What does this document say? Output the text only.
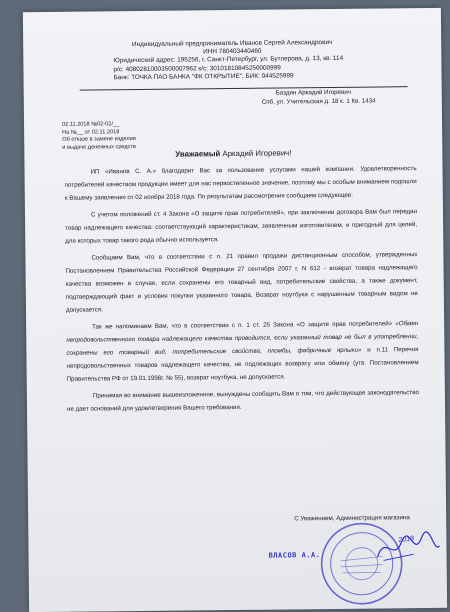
Индивидуальный предприниматель Иванов Сергей Александрович
ИНН 780403440460
Юридический адрес: 195256, г. Санкт-Петербург, ул. Бутлерова, д. 13, кв. 114
р/с: 40802810003500007962 к/с: 30101810845250000999
Банк: ТОЧКА ПАО БАНКА "ФК ОТКРЫТИЕ", БИК: 044525999
Баздин Аркадий Игоревич
Спб, ул. Учительская д. 18 к. 1 Кв. 1434
02.11.2018 №02-02/__
На №__ от 02.11.2018
Об отказе в замене изделия
и выдаче денежных средств
Уважаемый Аркадий Игоревич!

ИП «Иванов С. А.» благодарит Вас за пользование услугами нашей компании. Удовлетворенность потребителей качеством продукции имеет для нас первостепенное значение, поэтому мы с особым вниманием подошли к Вашему заявлению от 02 ноября 2018 года. По результатам рассмотрения сообщаем следующее:

С учетом положений ст. 4 Закона «О защите прав потребителей», при заключении договора Вам был передан товар надлежащего качества: соответствующий характеристикам, заявленным изготовителем, и пригодный для целей, для которых товар такого рода обычно используется.

Сообщаем Вам, что в соответствии с п. 21 правил продажи дистанционным способом, утвержденных Постановлением Правительства Российской Федерации 27 сентября 2007 г. N 612 - возврат товара надлежащего качества возможен в случае, если сохранены его товарный вид, потребительские свойства, а также документ, подтверждающий факт и условия покупки указанного товара. Возврат ноутбука с нарушенным товарным видом не допускается.

Так же напоминаем Вам, что в соответствии с п. 1 ст. 25 Закона «О защите прав потребителей» «Обмен непродовольственного товара надлежащего качества проводится, если указанный товар не был в употреблении, сохранены его товарный вид, потребительские свойства, пломбы, фабричные ярлыки» и п.11 Перечня непродовольственных товаров надлежащего качества, не подлежащих возврату или обмену (утв. Постановлением Правительства РФ от 19.01.1998г. № 55), возврат ноутбука, не допускается.

Принимая во внимание вышеизложенное, вынуждены сообщить Вам о том, что действующее законодательство не дает оснований для удовлетворения Вашего требования.

С Уважением, Администрация магазина
ВЛАСОВ А.А.
2018
